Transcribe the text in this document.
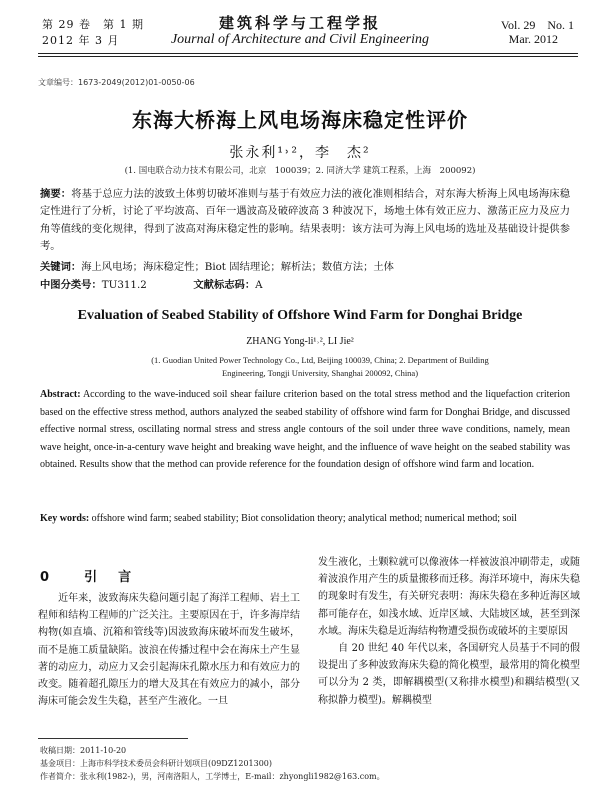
第 29 卷　第 1 期
2012 年 3 月
建筑科学与工程学报
Journal of Architecture and Civil Engineering
Vol. 29　No. 1
Mar. 2012
文章编号：1673-2049(2012)01-0050-06
东海大桥海上风电场海床稳定性评价
张永利¹˒²，李　杰²
(1. 国电联合动力技术有限公司，北京　100039；2. 同济大学 建筑工程系，上海　200092)
摘要：将基于总应力法的波致土体剪切破坏准则与基于有效应力法的液化准则相结合，对东海大桥海上风电场海床稳定性进行了分析，讨论了平均波高、百年一遇波高及破碎波高 3 种波况下，场地土体有效正应力、激荡正应力及应力角等值线的变化规律，得到了波高对海床稳定性的影响。结果表明：该方法可为海上风电场的选址及基础设计提供参考。
关键词：海上风电场；海床稳定性；Biot 固结理论；解析法；数值方法；土体
中图分类号：TU311.2	文献标志码：A
Evaluation of Seabed Stability of Offshore Wind Farm for Donghai Bridge
ZHANG Yong-li¹˒², LI Jie²
(1. Guodian United Power Technology Co., Ltd, Beijing 100039, China; 2. Department of Building Engineering, Tongji University, Shanghai 200092, China)
Abstract: According to the wave-induced soil shear failure criterion based on the total stress method and the liquefaction criterion based on the effective stress method, authors analyzed the seabed stability of offshore wind farm for Donghai Bridge, and discussed effective normal stress, oscillating normal stress and stress angle contours of the soil under three wave conditions, namely, mean wave height, once-in-a-century wave height and breaking wave height, and the influence of wave height on the seabed stability was obtained. Results show that the method can provide reference for the foundation design of offshore wind farm and location.
Key words: offshore wind farm; seabed stability; Biot consolidation theory; analytical method; numerical method; soil
0 引　言
近年来，波致海床失稳问题引起了海洋工程师、岩土工程师和结构工程师的广泛关注。主要原因在于，许多海岸结构物(如直墙、沉箱和管线等)因波致海床破坏而发生破坏，而不是施工质量缺陷。波浪在传播过程中会在海床土产生显著的动应力，动应力又会引起海床孔隙水压力和有效应力的改变。随着超孔隙压力的增大及其在有效应力的减小，部分海床可能会发生失稳，甚至产生液化。一旦
发生液化，土颗粒就可以像液体一样被波浪冲刷带走，或随着波浪作用产生的质量搬移而迁移。海洋环境中，海床失稳的现象时有发生，有关研究表明：海床失稳在多种近海区域都可能存在，如浅水域、近岸区域、大陆坡区域，甚至到深水域。海床失稳是近海结构物遭受损伤或破坏的主要原因
自 20 世纪 40 年代以来，各国研究人员基于不同的假设提出了多种波致海床失稳的简化模型，最常用的简化模型可以分为 2 类，即解耦模型(又称排水模型)和耦结模型(又称拟静力模型)。解耦模型
收稿日期：2011-10-20
基金项目：上海市科学技术委员会科研计划项目(09DZ1201300)
作者简介：张永利(1982-)，男，河南洛阳人，工学博士，E-mail：zhyongli1982@163.com。
